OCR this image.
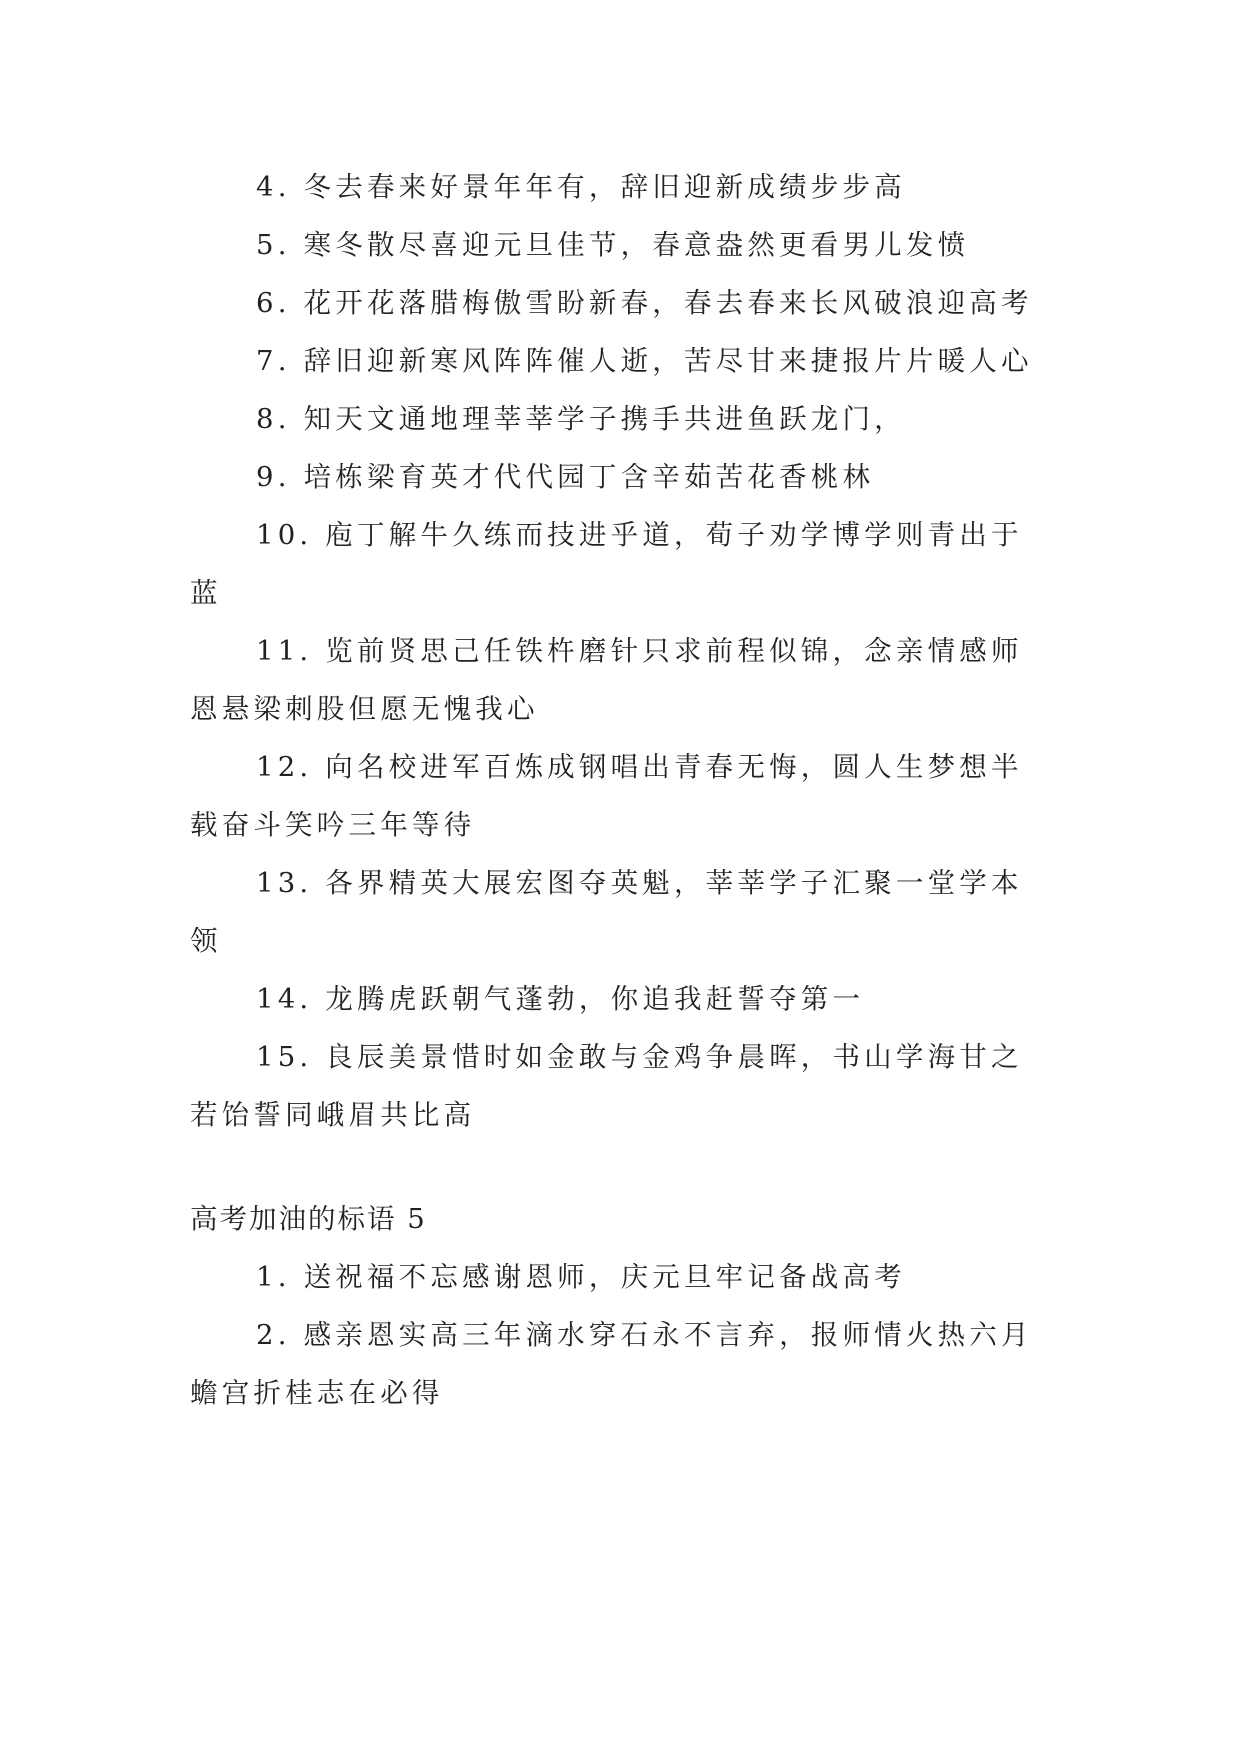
4. 冬去春来好景年年有，辞旧迎新成绩步步高

5. 寒冬散尽喜迎元旦佳节，春意盎然更看男儿发愤

6. 花开花落腊梅傲雪盼新春，春去春来长风破浪迎高考

7. 辞旧迎新寒风阵阵催人逝，苦尽甘来捷报片片暖人心

8. 知天文通地理莘莘学子携手共进鱼跃龙门，

9. 培栋梁育英才代代园丁含辛茹苦花香桃林

10. 庖丁解牛久练而技进乎道，荀子劝学博学则青出于蓝

11. 览前贤思己任铁杵磨针只求前程似锦，念亲情感师恩悬梁刺股但愿无愧我心

12. 向名校进军百炼成钢唱出青春无悔，圆人生梦想半载奋斗笑吟三年等待

13. 各界精英大展宏图夺英魁，莘莘学子汇聚一堂学本领

14. 龙腾虎跃朝气蓬勃，你追我赶誓夺第一

15. 良辰美景惜时如金敢与金鸡争晨晖，书山学海甘之若饴誓同峨眉共比高

高考加油的标语 5

1. 送祝福不忘感谢恩师，庆元旦牢记备战高考

2. 感亲恩实高三年滴水穿石永不言弃，报师情火热六月蟾宫折桂志在必得
